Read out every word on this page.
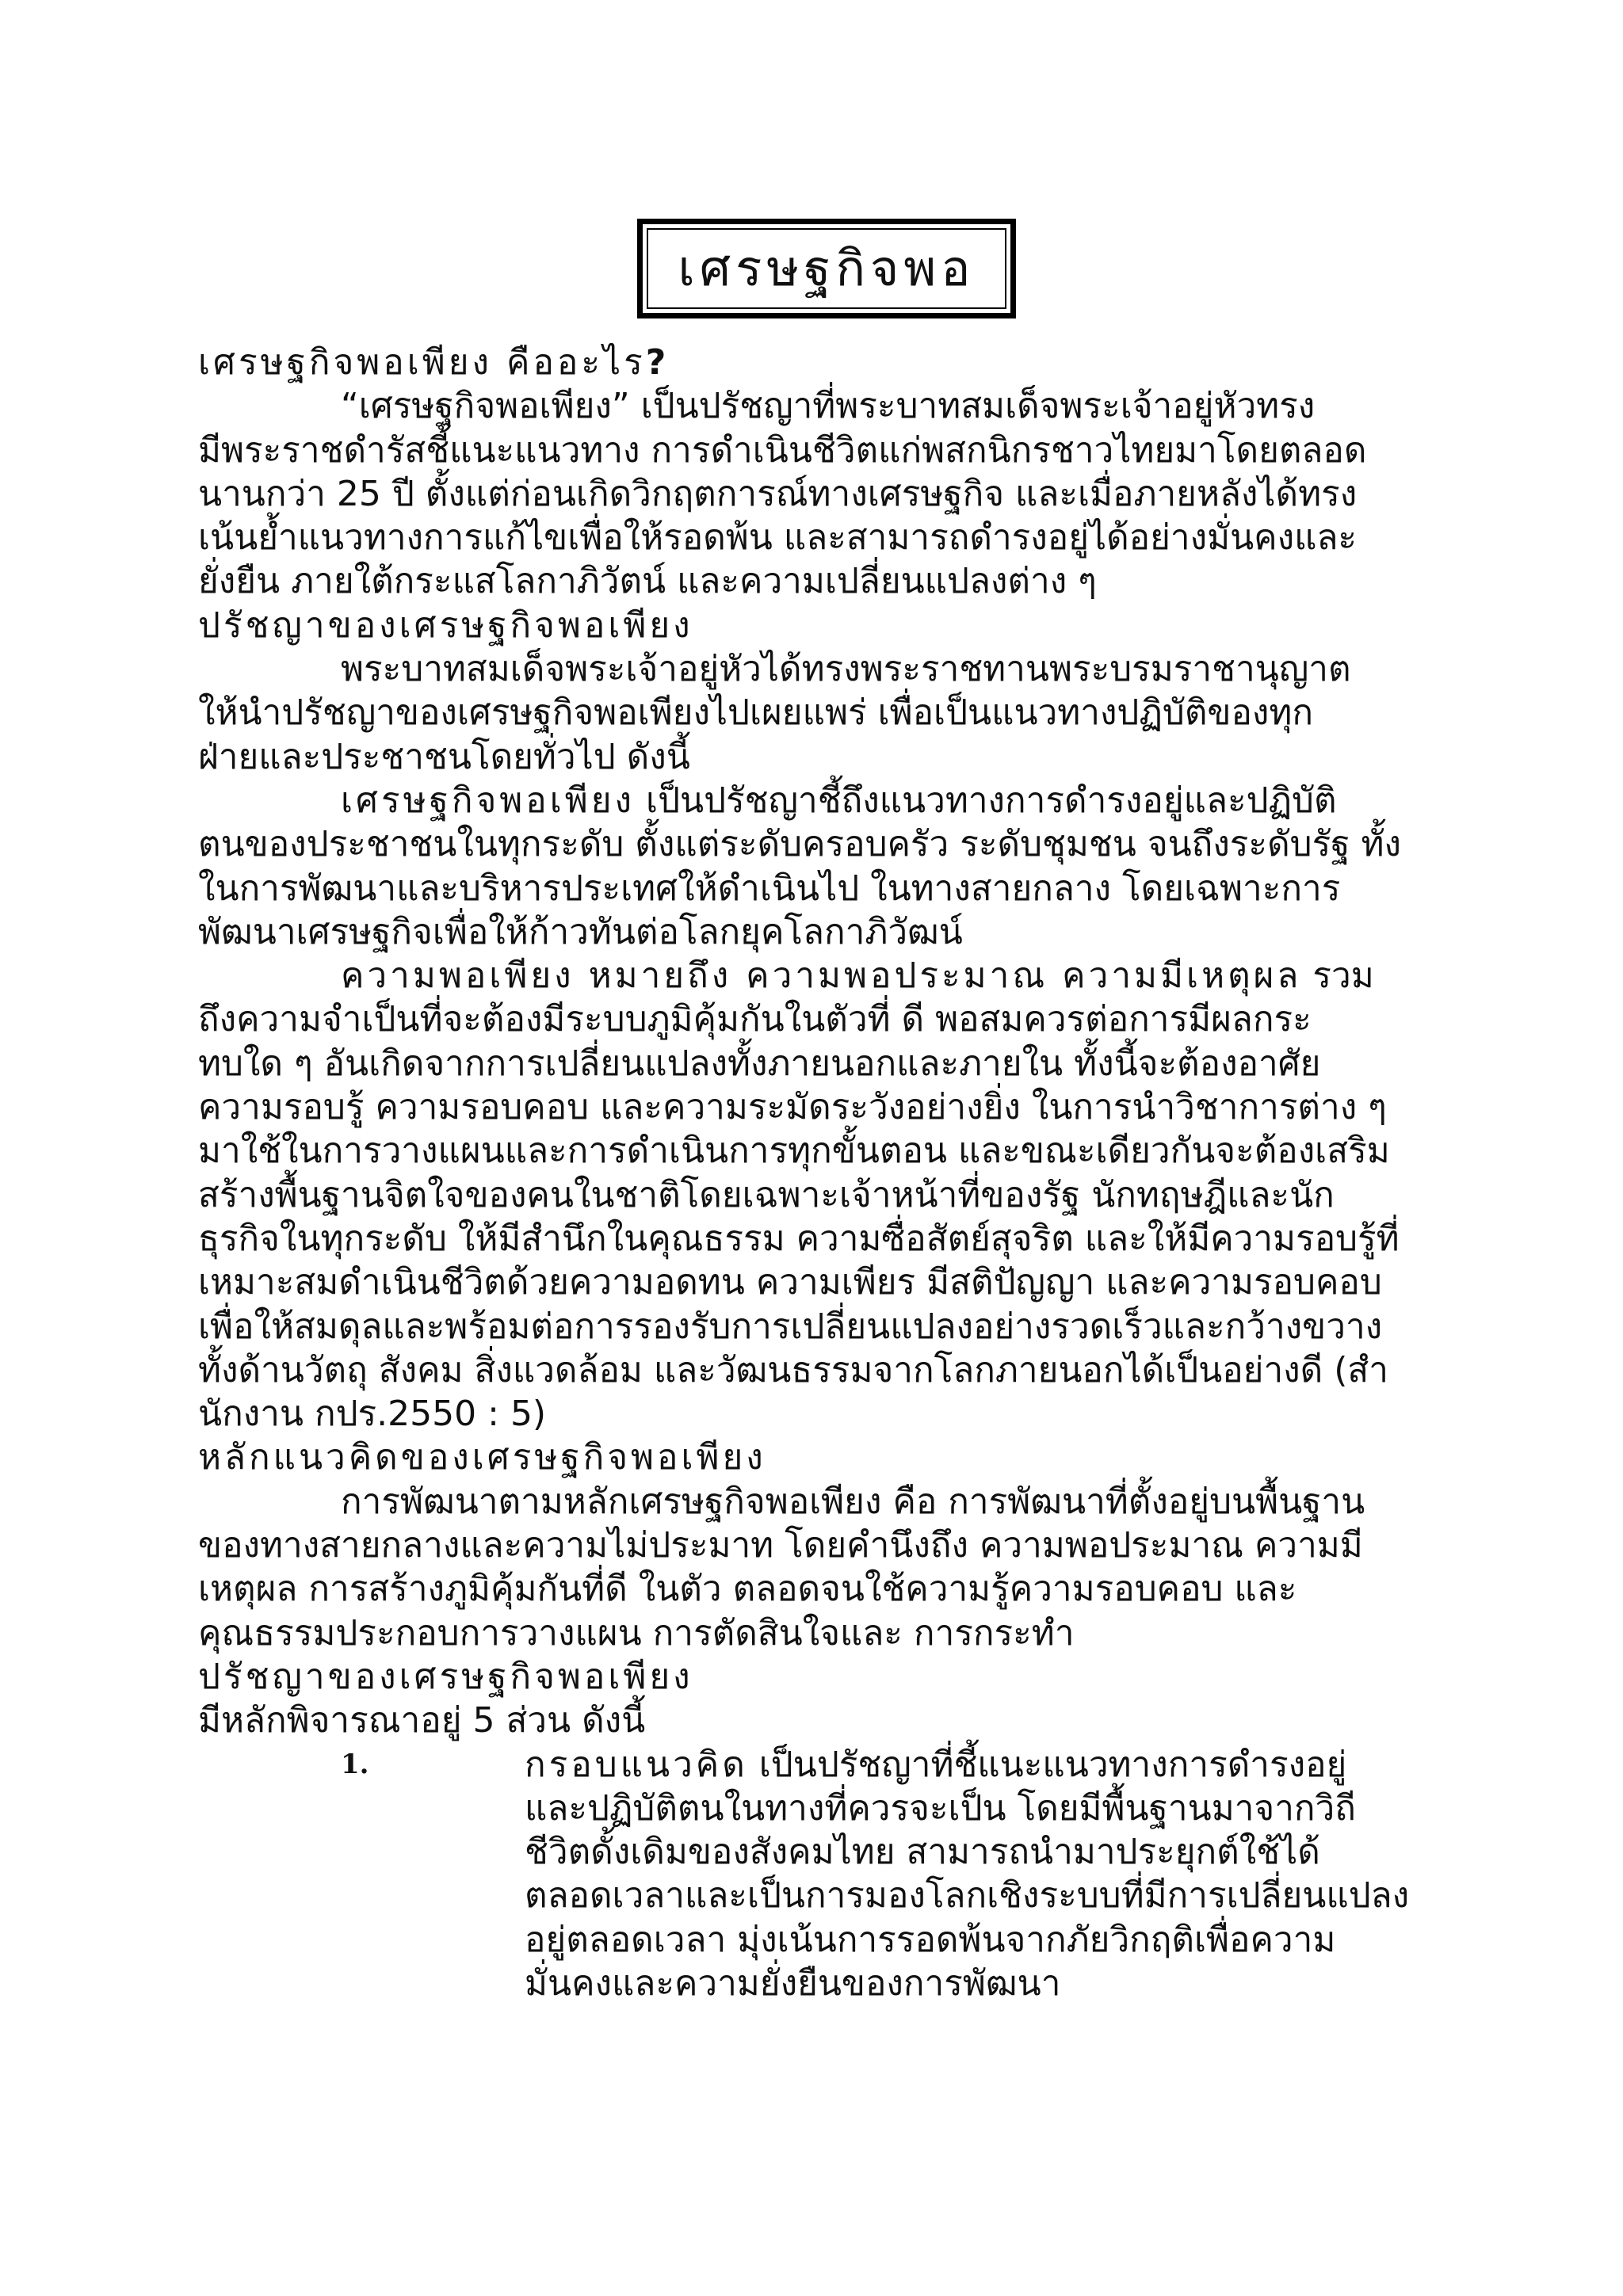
เศรษฐกิจพอ
เศรษฐกิจพอเพียง คืออะไร?
“เศรษฐกิจพอเพียง” เป็นปรัชญาที่พระบาทสมเด็จพระเจ้าอยู่หัวทรง
มีพระราชดำรัสชี้แนะแนวทาง การดำเนินชีวิตแก่พสกนิกรชาวไทยมาโดยตลอด
นานกว่า 25 ปี ตั้งแต่ก่อนเกิดวิกฤตการณ์ทางเศรษฐกิจ และเมื่อภายหลังได้ทรง
เน้นย้ำแนวทางการแก้ไขเพื่อให้รอดพ้น และสามารถดำรงอยู่ได้อย่างมั่นคงและ
ยั่งยืน ภายใต้กระแสโลกาภิวัตน์ และความเปลี่ยนแปลงต่าง ๆ
ปรัชญาของเศรษฐกิจพอเพียง
พระบาทสมเด็จพระเจ้าอยู่หัวได้ทรงพระราชทานพระบรมราชานุญาต
ให้นำปรัชญาของเศรษฐกิจพอเพียงไปเผยแพร่ เพื่อเป็นแนวทางปฏิบัติของทุก
ฝ่ายและประชาชนโดยทั่วไป ดังนี้
เศรษฐกิจพอเพียง เป็นปรัชญาชี้ถึงแนวทางการดำรงอยู่และปฏิบัติ
ตนของประชาชนในทุกระดับ ตั้งแต่ระดับครอบครัว ระดับชุมชน จนถึงระดับรัฐ ทั้ง
ในการพัฒนาและบริหารประเทศให้ดำเนินไป ในทางสายกลาง โดยเฉพาะการ
พัฒนาเศรษฐกิจเพื่อให้ก้าวทันต่อโลกยุคโลกาภิวัฒน์
ความพอเพียง หมายถึง ความพอประมาณ ความมีเหตุผล รวม
ถึงความจำเป็นที่จะต้องมีระบบภูมิคุ้มกันในตัวที่ ดี พอสมควรต่อการมีผลกระ
ทบใด ๆ อันเกิดจากการเปลี่ยนแปลงทั้งภายนอกและภายใน ทั้งนี้จะต้องอาศัย
ความรอบรู้ ความรอบคอบ และความระมัดระวังอย่างยิ่ง ในการนำวิชาการต่าง ๆ
มาใช้ในการวางแผนและการดำเนินการทุกขั้นตอน และขณะเดียวกันจะต้องเสริม
สร้างพื้นฐานจิตใจของคนในชาติโดยเฉพาะเจ้าหน้าที่ของรัฐ นักทฤษฎีและนัก
ธุรกิจในทุกระดับ ให้มีสำนึกในคุณธรรม ความซื่อสัตย์สุจริต และให้มีความรอบรู้ที่
เหมาะสมดำเนินชีวิตด้วยความอดทน ความเพียร มีสติปัญญา และความรอบคอบ
เพื่อให้สมดุลและพร้อมต่อการรองรับการเปลี่ยนแปลงอย่างรวดเร็วและกว้างขวาง
ทั้งด้านวัตถุ สังคม สิ่งแวดล้อม และวัฒนธรรมจากโลกภายนอกได้เป็นอย่างดี (สำ
นักงาน กปร.2550 : 5)
หลักแนวคิดของเศรษฐกิจพอเพียง
การพัฒนาตามหลักเศรษฐกิจพอเพียง คือ การพัฒนาที่ตั้งอยู่บนพื้นฐาน
ของทางสายกลางและความไม่ประมาท โดยคำนึงถึง ความพอประมาณ ความมี
เหตุผล การสร้างภูมิคุ้มกันที่ดี ในตัว ตลอดจนใช้ความรู้ความรอบคอบ และ
คุณธรรมประกอบการวางแผน การตัดสินใจและ การกระทำ
ปรัชญาของเศรษฐกิจพอเพียง
มีหลักพิจารณาอยู่ 5 ส่วน ดังนี้
1.	กรอบแนวคิด เป็นปรัชญาที่ชี้แนะแนวทางการดำรงอยู่
และปฏิบัติตนในทางที่ควรจะเป็น โดยมีพื้นฐานมาจากวิถี
ชีวิตดั้งเดิมของสังคมไทย สามารถนำมาประยุกต์ใช้ได้
ตลอดเวลาและเป็นการมองโลกเชิงระบบที่มีการเปลี่ยนแปลง
อยู่ตลอดเวลา มุ่งเน้นการรอดพ้นจากภัยวิกฤติเพื่อความ
มั่นคงและความยั่งยืนของการพัฒนา
